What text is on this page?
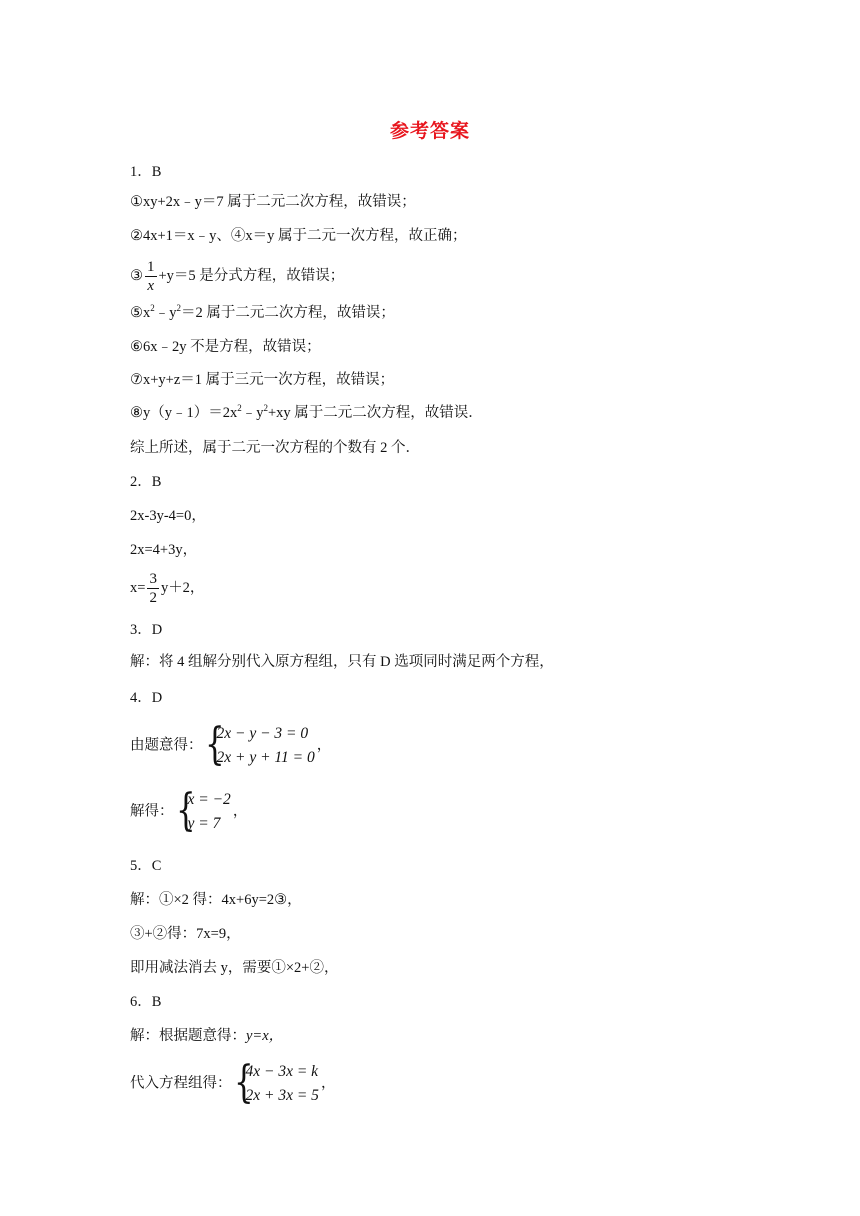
参考答案
1．B
①xy+2x﹣y＝7 属于二元二次方程，故错误；
②4x+1＝x﹣y、④x＝y 属于二元一次方程，故正确；
③ $\frac{1}{x} +y=5$ 是分式方程，故错误；
$⑤x^2﹣y^2=2$ 属于二元二次方程，故错误；
⑥6x﹣2y 不是方程，故错误；
⑦x+y+z＝1 属于三元一次方程，故错误；
$⑧y(y﹣1)=2x^2﹣y^2+xy$ 属于二元二次方程，故错误．
综上所述，属于二元一次方程的个数有 2 个．
2．B
2x-3y-4=0，
2x=4+3y，
$x= \frac{3}{2} y+2$，
3．D
解：将 4 组解分别代入原方程组，只有 D 选项同时满足两个方程，
4．D
由题意得： {
2x − y − 3 = 0
2x + y + 11 = 0
，
解得： {
x = −2
y = 7
，
5．C
解：①×2 得：4x+6y=2③，
③+②得：7x=9，
即用减法消去 y，需要①×2+②，
6．B
解：根据题意得：y=x，
代入方程组得： {
4x − 3x = k
2x + 3x = 5
，
